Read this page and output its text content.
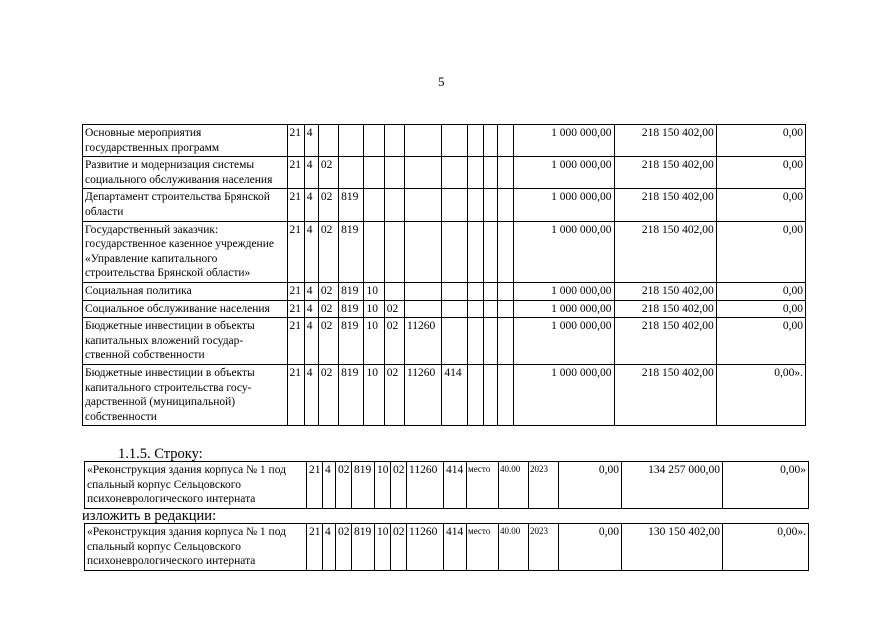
5
Основные мероприятия государственных программ	21	4										1 000 000,00	218 150 402,00	0,00
Развитие и модернизация системы социального обслуживания населения	21	4	02									1 000 000,00	218 150 402,00	0,00
Департамент строительства Брянской области	21	4	02	819								1 000 000,00	218 150 402,00	0,00
Государственный заказчик: государственное казенное учреждение «Управление капитального строительства Брянской области»	21	4	02	819								1 000 000,00	218 150 402,00	0,00
Социальная политика	21	4	02	819	10							1 000 000,00	218 150 402,00	0,00
Социальное обслуживание населения	21	4	02	819	10	02						1 000 000,00	218 150 402,00	0,00
Бюджетные инвестиции в объекты капитальных вложений государ-ственной собственности	21	4	02	819	10	02	11260					1 000 000,00	218 150 402,00	0,00
Бюджетные инвестиции в объекты капитального строительства госу-дарственной (муниципальной) собственности	21	4	02	819	10	02	11260	414				1 000 000,00	218 150 402,00	0,00».
1.1.5. Строку:
«Реконструкция здания корпуса № 1 под спальный корпус Сельцовского психоневрологического интерната	21	4	02	819	10	02	11260	414	место	40.00	2023	0,00	134 257 000,00	0,00»
изложить в редакции:
«Реконструкция здания корпуса № 1 под спальный корпус Сельцовского психоневрологического интерната	21	4	02	819	10	02	11260	414	место	40.00	2023	0,00	130 150 402,00	0,00».
